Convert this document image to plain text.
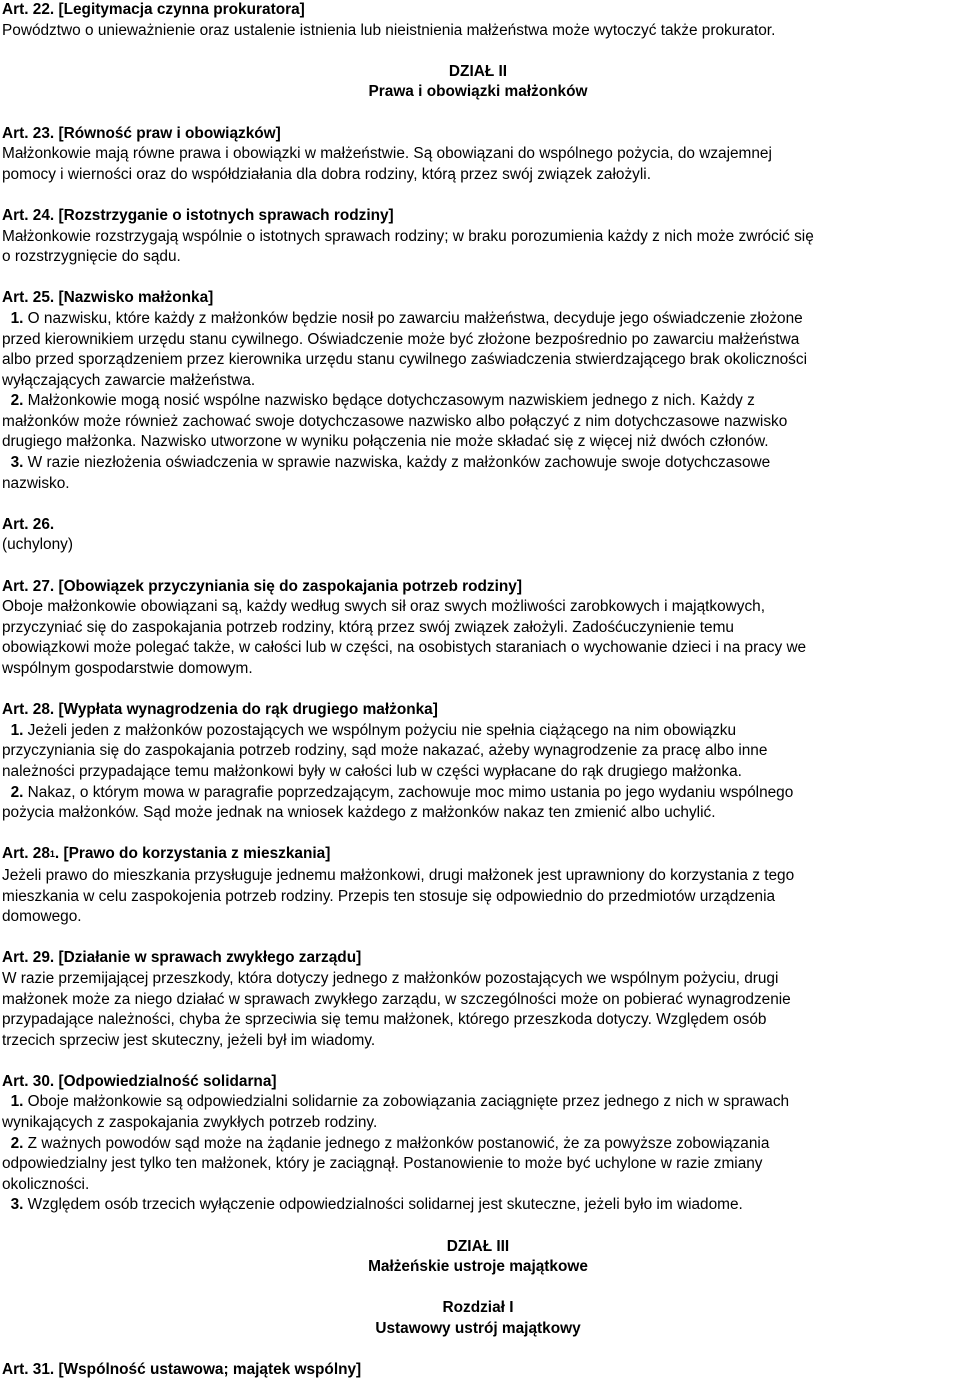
Art. 22. [Legitymacja czynna prokuratora]

Powództwo o unieważnienie oraz ustalenie istnienia lub nieistnienia małżeństwa może wytoczyć także prokurator.

DZIAŁ II

Prawa i obowiązki małżonków

Art. 23. [Równość praw i obowiązków]

Małżonkowie mają równe prawa i obowiązki w małżeństwie. Są obowiązani do wspólnego pożycia, do wzajemnej

pomocy i wierności oraz do współdziałania dla dobra rodziny, którą przez swój związek założyli.

Art. 24. [Rozstrzyganie o istotnych sprawach rodziny]

Małżonkowie rozstrzygają wspólnie o istotnych sprawach rodziny; w braku porozumienia każdy z nich może zwrócić się

o rozstrzygnięcie do sądu.

Art. 25. [Nazwisko małżonka]

1. O nazwisku, które każdy z małżonków będzie nosił po zawarciu małżeństwa, decyduje jego oświadczenie złożone

przed kierownikiem urzędu stanu cywilnego. Oświadczenie może być złożone bezpośrednio po zawarciu małżeństwa

albo przed sporządzeniem przez kierownika urzędu stanu cywilnego zaświadczenia stwierdzającego brak okoliczności

wyłączających zawarcie małżeństwa.

2. Małżonkowie mogą nosić wspólne nazwisko będące dotychczasowym nazwiskiem jednego z nich. Każdy z

małżonków może również zachować swoje dotychczasowe nazwisko albo połączyć z nim dotychczasowe nazwisko

drugiego małżonka. Nazwisko utworzone w wyniku połączenia nie może składać się z więcej niż dwóch członów.

3. W razie niezłożenia oświadczenia w sprawie nazwiska, każdy z małżonków zachowuje swoje dotychczasowe

nazwisko.

Art. 26.

(uchylony)

Art. 27. [Obowiązek przyczyniania się do zaspokajania potrzeb rodziny]

Oboje małżonkowie obowiązani są, każdy według swych sił oraz swych możliwości zarobkowych i majątkowych,

przyczyniać się do zaspokajania potrzeb rodziny, którą przez swój związek założyli. Zadośćuczynienie temu

obowiązkowi może polegać także, w całości lub w części, na osobistych staraniach o wychowanie dzieci i na pracy we

wspólnym gospodarstwie domowym.

Art. 28. [Wypłata wynagrodzenia do rąk drugiego małżonka]

1. Jeżeli jeden z małżonków pozostających we wspólnym pożyciu nie spełnia ciążącego na nim obowiązku

przyczyniania się do zaspokajania potrzeb rodziny, sąd może nakazać, ażeby wynagrodzenie za pracę albo inne

należności przypadające temu małżonkowi były w całości lub w części wypłacane do rąk drugiego małżonka.

2. Nakaz, o którym mowa w paragrafie poprzedzającym, zachowuje moc mimo ustania po jego wydaniu wspólnego

pożycia małżonków. Sąd może jednak na wniosek każdego z małżonków nakaz ten zmienić albo uchylić.

Art. $28^1$. [Prawo do korzystania z mieszkania]

Jeżeli prawo do mieszkania przysługuje jednemu małżonkowi, drugi małżonek jest uprawniony do korzystania z tego

mieszkania w celu zaspokojenia potrzeb rodziny. Przepis ten stosuje się odpowiednio do przedmiotów urządzenia

domowego.

Art. 29. [Działanie w sprawach zwykłego zarządu]

W razie przemijającej przeszkody, która dotyczy jednego z małżonków pozostających we wspólnym pożyciu, drugi

małżonek może za niego działać w sprawach zwykłego zarządu, w szczególności może on pobierać wynagrodzenie

przypadające należności, chyba że sprzeciwia się temu małżonek, którego przeszkoda dotyczy. Względem osób

trzecich sprzeciw jest skuteczny, jeżeli był im wiadomy.

Art. 30. [Odpowiedzialność solidarna]

1. Oboje małżonkowie są odpowiedzialni solidarnie za zobowiązania zaciągnięte przez jednego z nich w sprawach

wynikających z zaspokajania zwykłych potrzeb rodziny.

2. Z ważnych powodów sąd może na żądanie jednego z małżonków postanowić, że za powyższe zobowiązania

odpowiedzialny jest tylko ten małżonek, który je zaciągnął. Postanowienie to może być uchylone w razie zmiany

okoliczności.

3. Względem osób trzecich wyłączenie odpowiedzialności solidarnej jest skuteczne, jeżeli było im wiadome.

DZIAŁ III

Małżeńskie ustroje majątkowe

Rozdział I

Ustawowy ustrój majątkowy

Art. 31. [Wspólność ustawowa; majątek wspólny]
